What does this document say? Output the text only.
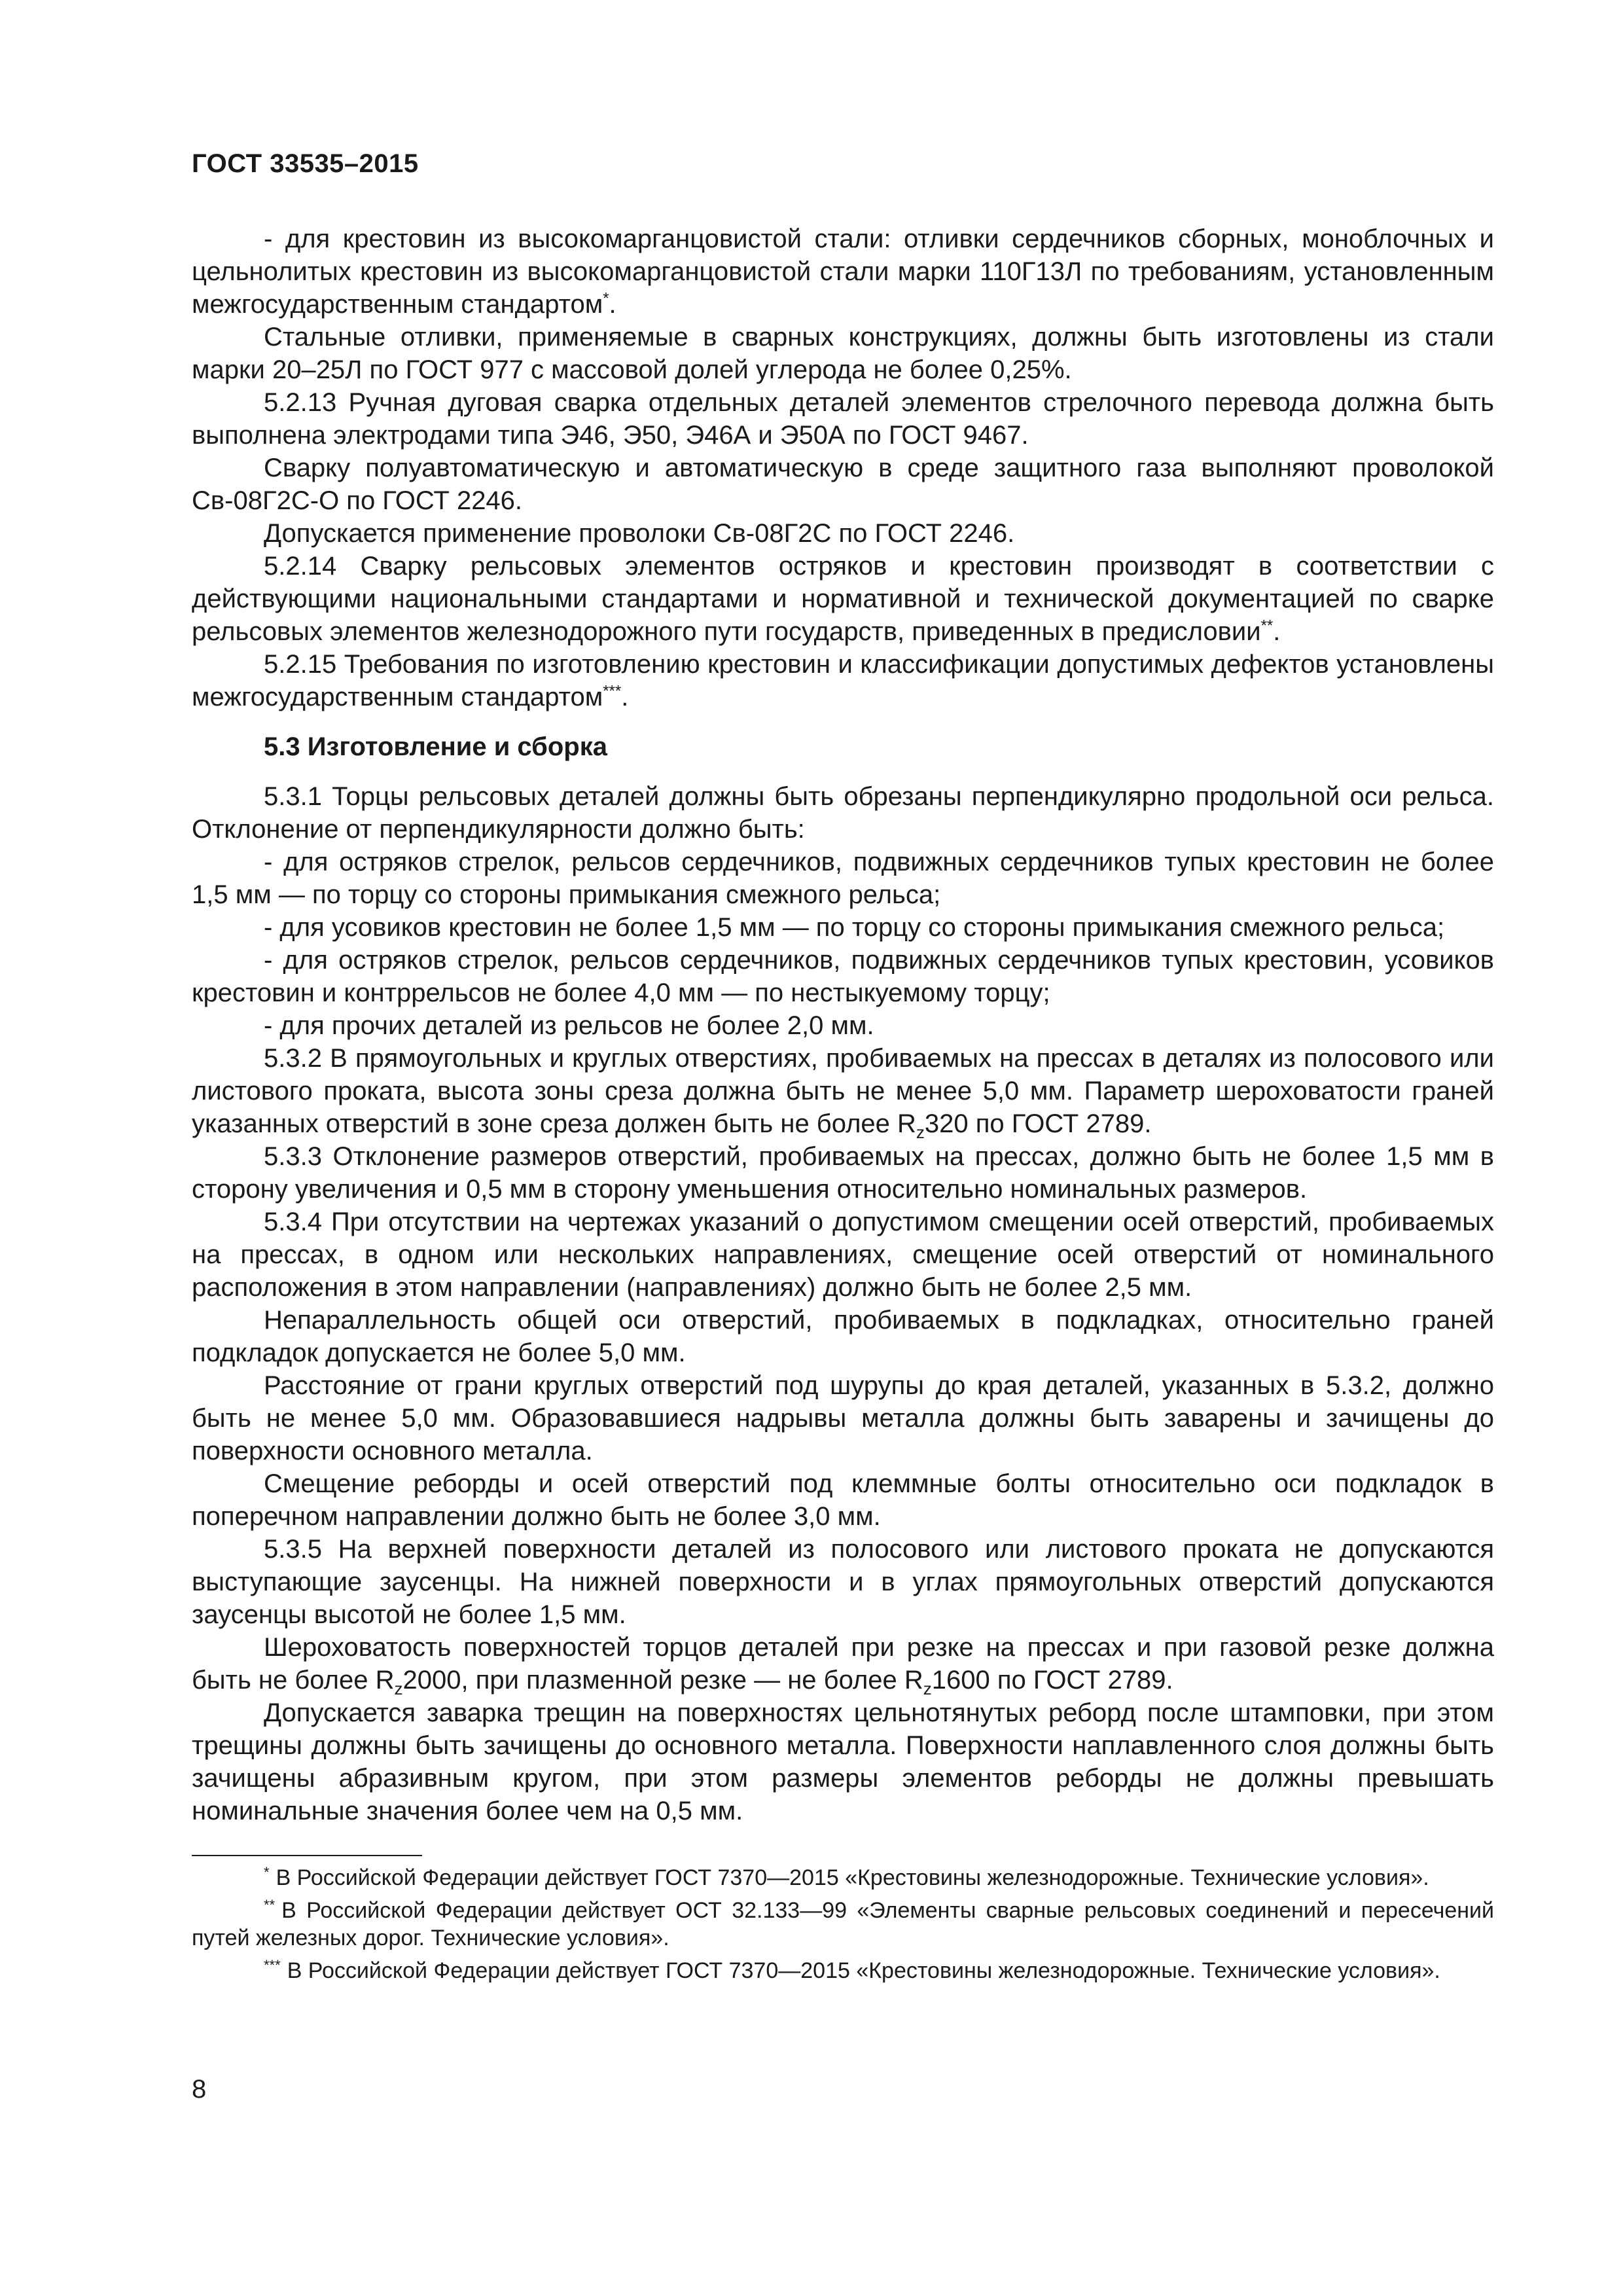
ГОСТ 33535–2015

- для крестовин из высокомарганцовистой стали: отливки сердечников сборных, моноблочных и цельнолитых крестовин из высокомарганцовистой стали марки 110Г13Л по требованиям, установленным межгосударственным стандартом*.

Стальные отливки, применяемые в сварных конструкциях, должны быть изготовлены из стали марки 20–25Л по ГОСТ 977 с массовой долей углерода не более 0,25%.

5.2.13 Ручная дуговая сварка отдельных деталей элементов стрелочного перевода должна быть выполнена электродами типа Э46, Э50, Э46А и Э50А по ГОСТ 9467.

Сварку полуавтоматическую и автоматическую в среде защитного газа выполняют проволокой Св-08Г2С-О по ГОСТ 2246.

Допускается применение проволоки Св-08Г2С по ГОСТ 2246.

5.2.14 Сварку рельсовых элементов остряков и крестовин производят в соответствии с действующими национальными стандартами и нормативной и технической документацией по сварке рельсовых элементов железнодорожного пути государств, приведенных в предисловии**.

5.2.15 Требования по изготовлению крестовин и классификации допустимых дефектов установлены межгосударственным стандартом***.

5.3 Изготовление и сборка

5.3.1 Торцы рельсовых деталей должны быть обрезаны перпендикулярно продольной оси рельса. Отклонение от перпендикулярности должно быть:

- для остряков стрелок, рельсов сердечников, подвижных сердечников тупых крестовин не более 1,5 мм — по торцу со стороны примыкания смежного рельса;

- для усовиков крестовин не более 1,5 мм — по торцу со стороны примыкания смежного рельса;

- для остряков стрелок, рельсов сердечников, подвижных сердечников тупых крестовин, усовиков крестовин и контррельсов не более 4,0 мм — по нестыкуемому торцу;

- для прочих деталей из рельсов не более 2,0 мм.

5.3.2 В прямоугольных и круглых отверстиях, пробиваемых на прессах в деталях из полосового или листового проката, высота зоны среза должна быть не менее 5,0 мм. Параметр шероховатости граней указанных отверстий в зоне среза должен быть не более $R_z320$ по ГОСТ 2789.

5.3.3 Отклонение размеров отверстий, пробиваемых на прессах, должно быть не более 1,5 мм в сторону увеличения и 0,5 мм в сторону уменьшения относительно номинальных размеров.

5.3.4 При отсутствии на чертежах указаний о допустимом смещении осей отверстий, пробиваемых на прессах, в одном или нескольких направлениях, смещение осей отверстий от номинального расположения в этом направлении (направлениях) должно быть не более 2,5 мм.

Непараллельность общей оси отверстий, пробиваемых в подкладках, относительно граней подкладок допускается не более 5,0 мм.

Расстояние от грани круглых отверстий под шурупы до края деталей, указанных в 5.3.2, должно быть не менее 5,0 мм. Образовавшиеся надрывы металла должны быть заварены и зачищены до поверхности основного металла.

Смещение реборды и осей отверстий под клеммные болты относительно оси подкладок в поперечном направлении должно быть не более 3,0 мм.

5.3.5 На верхней поверхности деталей из полосового или листового проката не допускаются выступающие заусенцы. На нижней поверхности и в углах прямоугольных отверстий допускаются заусенцы высотой не более 1,5 мм.

Шероховатость поверхностей торцов деталей при резке на прессах и при газовой резке должна быть не более $R_z2000$, при плазменной резке — не более $R_z1600$ по ГОСТ 2789.

Допускается заварка трещин на поверхностях цельнотянутых реборд после штамповки, при этом трещины должны быть зачищены до основного металла. Поверхности наплавленного слоя должны быть зачищены абразивным кругом, при этом размеры элементов реборды не должны превышать номинальные значения более чем на 0,5 мм.

* В Российской Федерации действует ГОСТ 7370—2015 «Крестовины железнодорожные. Технические условия».

** В Российской Федерации действует ОСТ 32.133—99 «Элементы сварные рельсовых соединений и пересечений путей железных дорог. Технические условия».

*** В Российской Федерации действует ГОСТ 7370—2015 «Крестовины железнодорожные. Технические условия».

8
